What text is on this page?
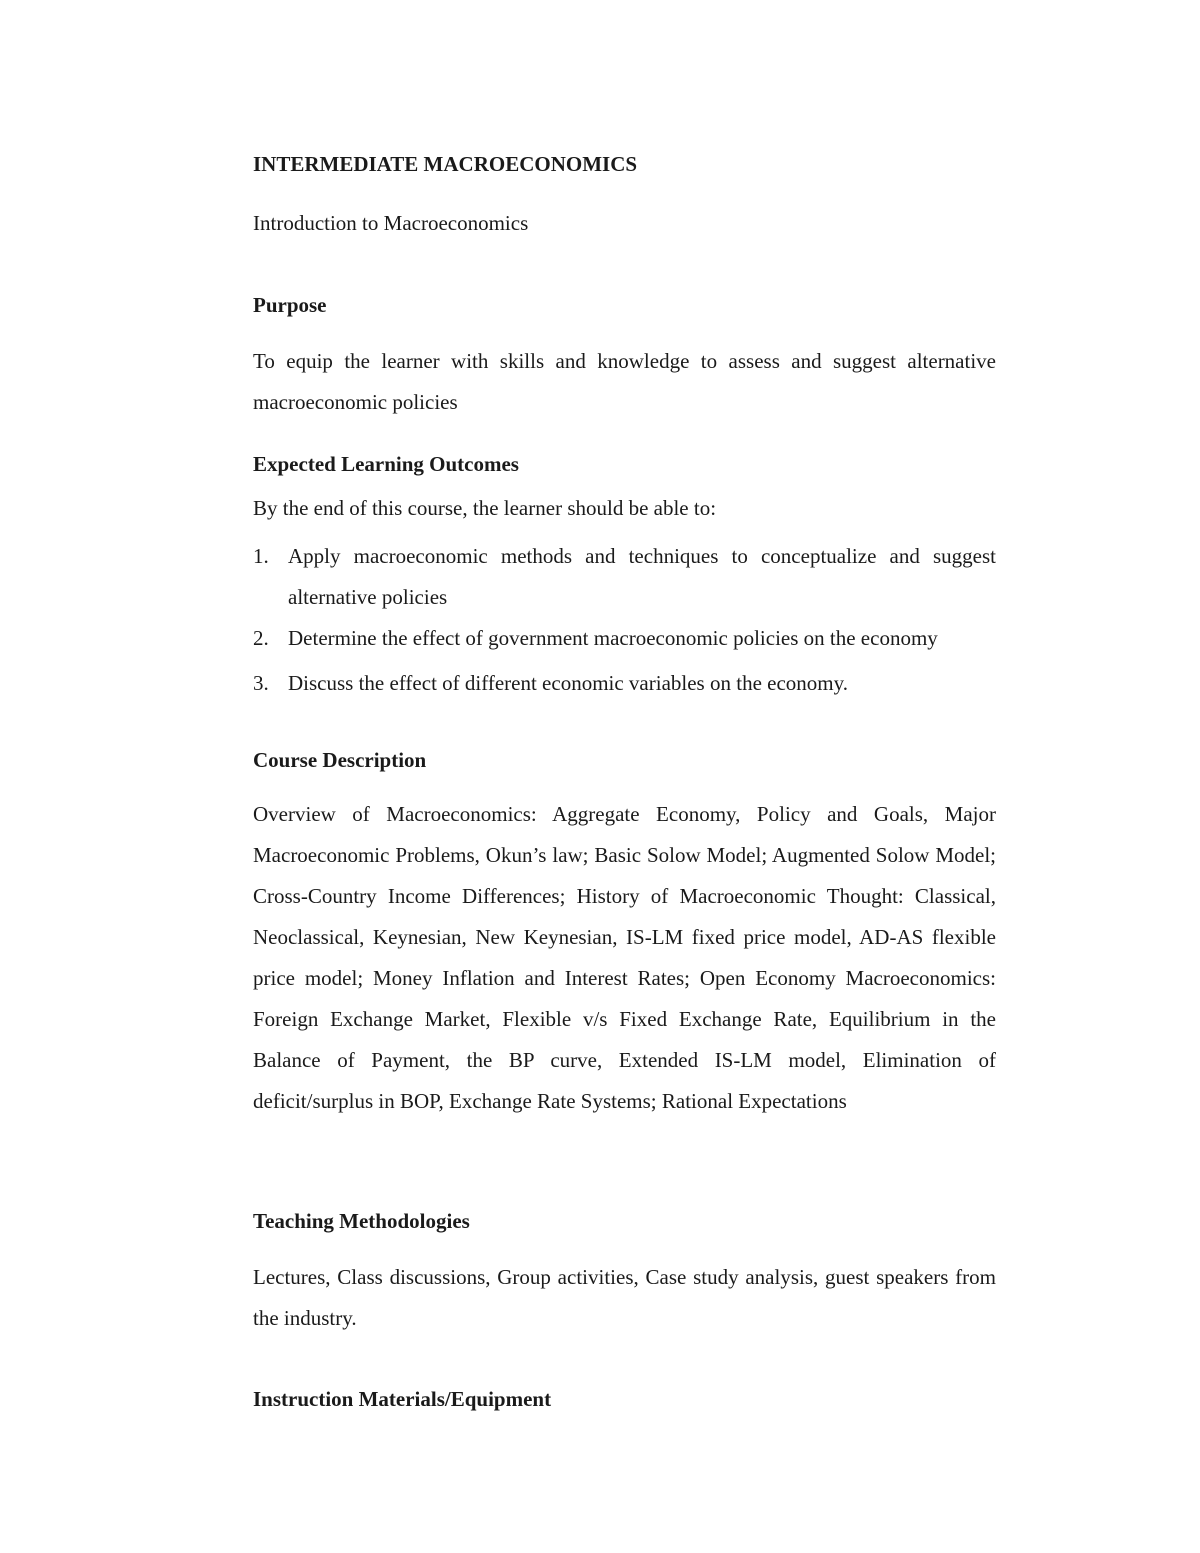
INTERMEDIATE MACROECONOMICS

Introduction to Macroeconomics

Purpose

To equip the learner with skills and knowledge to assess and suggest alternative macroeconomic policies

Expected Learning Outcomes

By the end of this course, the learner should be able to:

1. Apply macroeconomic methods and techniques to conceptualize and suggest alternative policies
2. Determine the effect of government macroeconomic policies on the economy
3. Discuss the effect of different economic variables on the economy.

Course Description

Overview of Macroeconomics: Aggregate Economy, Policy and Goals, Major Macroeconomic Problems, Okun’s law; Basic Solow Model; Augmented Solow Model; Cross-Country Income Differences; History of Macroeconomic Thought: Classical, Neoclassical, Keynesian, New Keynesian, IS-LM fixed price model, AD-AS flexible price model; Money Inflation and Interest Rates; Open Economy Macroeconomics: Foreign Exchange Market, Flexible v/s Fixed Exchange Rate, Equilibrium in the Balance of Payment, the BP curve, Extended IS-LM model, Elimination of deficit/surplus in BOP, Exchange Rate Systems; Rational Expectations

Teaching Methodologies

Lectures, Class discussions, Group activities, Case study analysis, guest speakers from the industry.

Instruction Materials/Equipment
